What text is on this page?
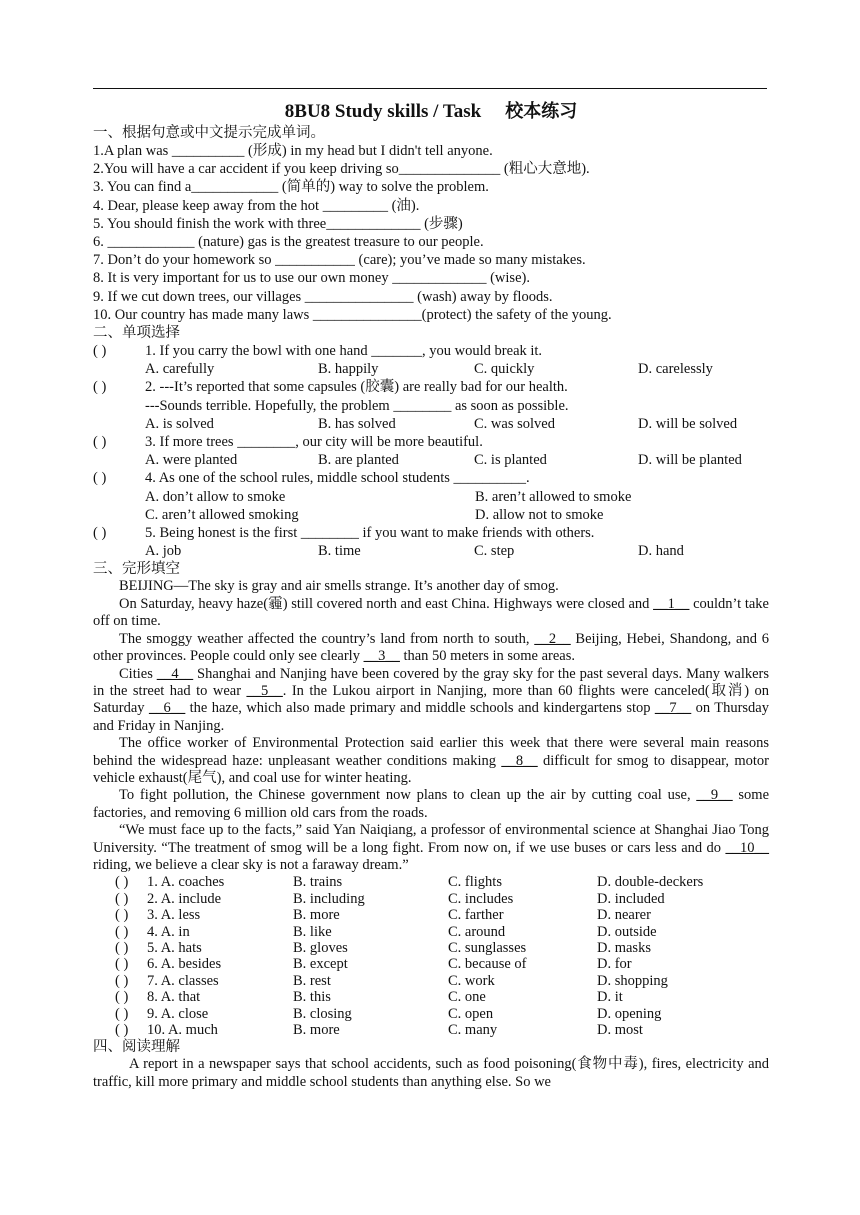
8BU8 Study skills / Task 校本练习
一、根据句意或中文提示完成单词。
1.A plan was __________ (形成) in my head but I didn't tell anyone.
2.You will have a car accident if you keep driving so______________ (粗心大意地).
3. You can find a____________ (简单的) way to solve the problem.
4. Dear, please keep away from the hot _________ (油).
5. You should finish the work with three_____________ (步骤)
6. ____________ (nature) gas is the greatest treasure to our people.
7. Don’t do your homework so ___________ (care); you’ve made so many mistakes.
8. It is very important for us to use our own money _____________ (wise).
9. If we cut down trees, our villages _______________ (wash) away by floods.
10. Our country has made many laws _______________(protect) the safety of the young.
二、单项选择
( )	1. If you carry the bowl with one hand _______, you would break it.
A. carefully	B. happily	C. quickly	D. carelessly
( )	2. ---It’s reported that some capsules (胶囊) are really bad for our health.
---Sounds terrible. Hopefully, the problem ________ as soon as possible.
A. is solved	B. has solved	C. was solved	D. will be solved
( )	3. If more trees ________, our city will be more beautiful.
A. were planted	B. are planted	C. is planted	D. will be planted
( )	4. As one of the school rules, middle school students __________.
A. don’t allow to smoke	B. aren’t allowed to smoke
C. aren’t allowed smoking	D. allow not to smoke
( )	5. Being honest is the first ________ if you want to make friends with others.
A. job	B. time	C. step	D. hand
三、完形填空
BEIJING—The sky is gray and air smells strange. It’s another day of smog.
On Saturday, heavy haze(霾) still covered north and east China. Highways were closed and __1__ couldn’t take off on time.
The smoggy weather affected the country’s land from north to south, __2__ Beijing, Hebei, Shandong, and 6 other provinces. People could only see clearly __3__ than 50 meters in some areas.
Cities __4__ Shanghai and Nanjing have been covered by the gray sky for the past several days. Many walkers in the street had to wear __5__. In the Lukou airport in Nanjing, more than 60 flights were canceled(取消) on Saturday __6__ the haze, which also made primary and middle schools and kindergartens stop __7__ on Thursday and Friday in Nanjing.
The office worker of Environmental Protection said earlier this week that there were several main reasons behind the widespread haze: unpleasant weather conditions making __8__ difficult for smog to disappear, motor vehicle exhaust(尾气), and coal use for winter heating.
To fight pollution, the Chinese government now plans to clean up the air by cutting coal use, __9__ some factories, and removing 6 million old cars from the roads.
“We must face up to the facts,” said Yan Naiqiang, a professor of environmental science at Shanghai Jiao Tong University. “The treatment of smog will be a long fight. From now on, if we use buses or cars less and do __10__ riding, we believe a clear sky is not a faraway dream.”
( ) 1. A. coaches	B. trains	C. flights	D. double-deckers
( ) 2. A. include	B. including	C. includes	D. included
( ) 3. A. less	B. more	C. farther	D. nearer
( ) 4. A. in	B. like	C. around	D. outside
( ) 5. A. hats	B. gloves	C. sunglasses	D. masks
( ) 6. A. besides	B. except	C. because of	D. for
( ) 7. A. classes	B. rest	C. work	D. shopping
( ) 8. A. that	B. this	C. one	D. it
( ) 9. A. close	B. closing	C. open	D. opening
( ) 10. A. much	B. more	C. many	D. most
四、阅读理解
A report in a newspaper says that school accidents, such as food poisoning(食物中毒), fires, electricity and traffic, kill more primary and middle school students than anything else. So we
